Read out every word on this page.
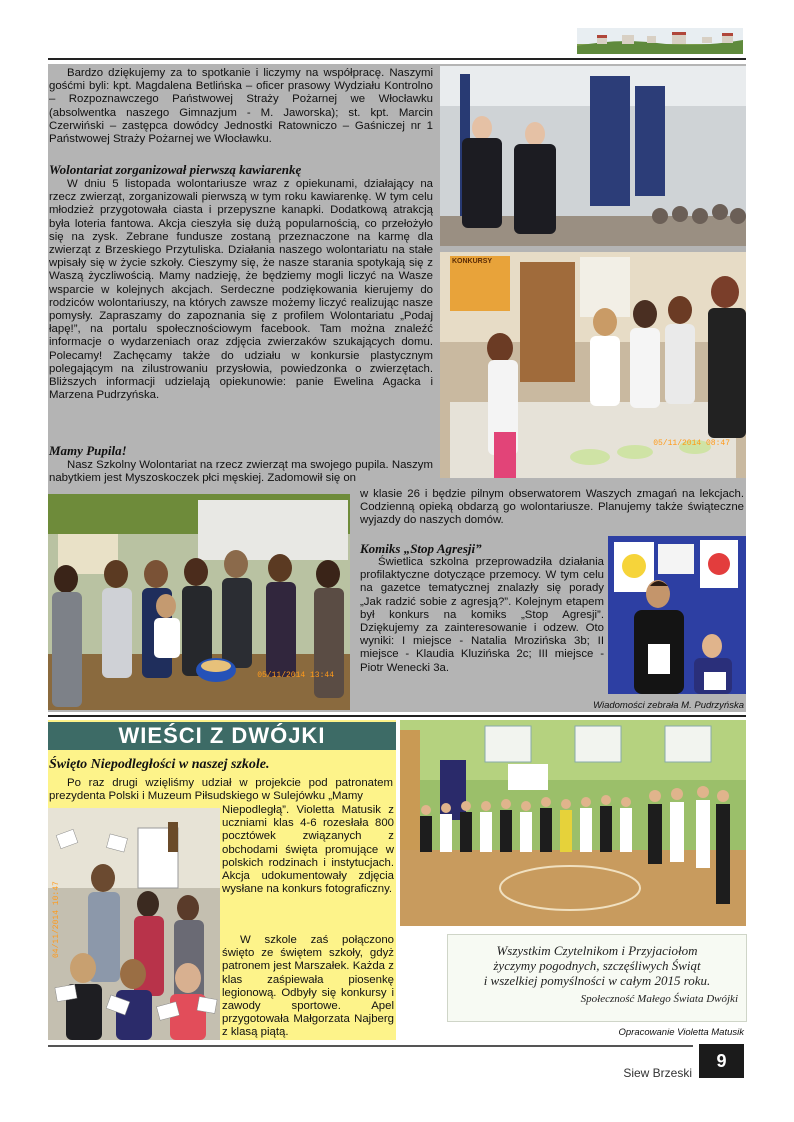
KONKURSY
05/11/2014 08:47
05/11/2014 13:44

Bardzo dziękujemy za to spotkanie i liczymy na współpracę. Naszymi gośćmi byli: kpt. Magdalena Betlińska – oficer prasowy Wydziału Kontrolno – Rozpoznawczego Państwowej Straży Pożarnej we Włocławku (absolwentka naszego Gimnazjum - M. Jaworska); st. kpt. Marcin Czerwiński – zastępca dowódcy Jednostki Ratowniczo – Gaśniczej nr 1 Państwowej Straży Pożarnej we Włocławku.

Wolontariat zorganizował pierwszą kawiarenkę

W dniu 5 listopada wolontariusze wraz z opiekunami, działający na rzecz zwierząt, zorganizowali pierwszą w tym roku kawiarenkę. W tym celu młodzież przygotowała ciasta i przepyszne kanapki. Dodatkową atrakcją była loteria fantowa. Akcja cieszyła się dużą popularnością, co przełożyło się na zysk. Zebrane fundusze zostaną przeznaczone na karmę dla zwierząt z Brzeskiego Przytuliska. Działania naszego wolontariatu na stałe wpisały się w życie szkoły. Cieszymy się, że nasze starania spotykają się z Waszą życzliwością. Mamy nadzieję, że będziemy mogli liczyć na Wasze wsparcie w kolejnych akcjach. Serdeczne podziękowania kierujemy do rodziców wolontariuszy, na których zawsze możemy liczyć realizując nasze pomysły. Zapraszamy do zapoznania się z profilem Wolontariatu „Podaj łapę!”, na portalu społecznościowym facebook. Tam można znaleźć informacje o wydarzeniach oraz zdjęcia zwierzaków szukających domu. Polecamy! Zachęcamy także do udziału w konkursie plastycznym polegającym na zilustrowaniu przysłowia, powiedzonka o zwierzętach. Bliższych informacji udzielają opiekunowie: panie Ewelina Agacka i Marzena Pudrzyńska.

Mamy Pupila!

Nasz Szkolny Wolontariat na rzecz zwierząt ma swojego pupila. Naszym nabytkiem jest Myszoskoczek płci męskiej. Zadomowił się on

w klasie 26 i będzie pilnym obserwatorem Waszych zmagań na lekcjach. Codzienną opieką obdarzą go wolontariusze. Planujemy także świąteczne wyjazdy do naszych domów.

Komiks „Stop Agresji”

Świetlica szkolna przeprowadziła działania profilaktyczne dotyczące przemocy. W tym celu na gazetce tematycznej znalazły się porady „Jak radzić sobie z agresją?”. Kolejnym etapem był konkurs na komiks „Stop Agresji”. Dziękujemy za zainteresowanie i odzew. Oto wyniki: I miejsce - Natalia Mrozińska 3b; II miejsce - Klaudia Kluzińska 2c; III miejsce - Piotr Wenecki 3a.

Wiadomości zebrała M. Pudrzyńska
WIEŚCI Z DWÓJKI
Święto Niepodległości w naszej szkole.

Po raz drugi wzięliśmy udział w projekcie pod patronatem prezydenta Polski i Muzeum Piłsudskiego w Sulejówku „Mamy

Niepodległą”. Violetta Matusik z uczniami klas 4-6 rozesłała 800 pocztówek związanych z obchodami święta promujące w polskich rodzinach i instytucjach. Akcja udokumentowały zdjęcia wysłane na konkurs fotograficzny.

W szkole zaś połączono święto ze świętem szkoły, gdyż patronem jest Marszałek. Każda z klas zaśpiewała piosenkę legionową. Odbyły się konkursy i zawody sportowe. Apel przygotowała Małgorzata Najberg z klasą piątą.

04/11/2014 10:47	Wszystkim Czytelnikom i Przyjaciołom
życzymy pogodnych, szczęśliwych Świąt
i wszelkiej pomyślności w całym 2015 roku.
Społeczność Małego Świata Dwójki
Opracowanie Violetta Matusik
Siew Brzeski
9
